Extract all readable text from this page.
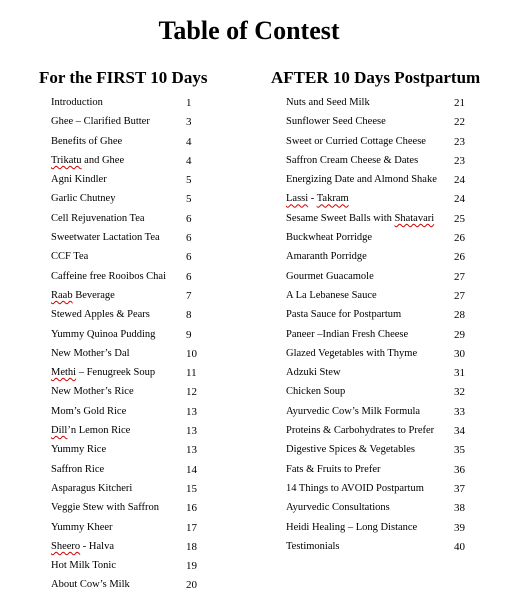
Table of Contest
For the FIRST 10 Days	AFTER 10 Days Postpartum
Introduction	1
Ghee – Clarified Butter	3
Benefits of Ghee	4
Trikatu and Ghee	4
Agni Kindler	5
Garlic Chutney	5
Cell Rejuvenation Tea	6
Sweetwater Lactation Tea 6
CCF Tea	6
Caffeine free Rooibos Chai 6
Raab Beverage	7
Stewed Apples & Pears	8
Yummy Quinoa Pudding	9
New Mother’s Dal	10
Methi – Fenugreek Soup	11
New Mother’s Rice	12
Mom’s Gold Rice	13
Dill’n Lemon Rice	13
Yummy Rice	13
Saffron Rice	14
Asparagus Kitcheri	15
Veggie Stew with Saffron 16
Yummy Kheer	17
Sheero - Halva	18
Hot Milk Tonic	19
About Cow’s Milk	20
Nuts and Seed Milk	21
Sunflower Seed Cheese	22
Sweet or Curried Cottage Cheese	23
Saffron Cream Cheese & Dates	23
Energizing Date and Almond Shake 24
Lassi - Takram	24
Sesame Sweet Balls with Shatavari 25
Buckwheat Porridge	26
Amaranth Porridge	26
Gourmet Guacamole	27
A La Lebanese Sauce	27
Pasta Sauce for Postpartum	28
Paneer –Indian Fresh Cheese	29
Glazed Vegetables with Thyme	30
Adzuki Stew	31
Chicken Soup	32
Ayurvedic Cow’s Milk Formula	33
Proteins & Carbohydrates to Prefer 34
Digestive Spices & Vegetables	35
Fats & Fruits to Prefer	36
14 Things to AVOID Postpartum	37
Ayurvedic Consultations	38
Heidi Healing – Long Distance	39
Testimonials	40
